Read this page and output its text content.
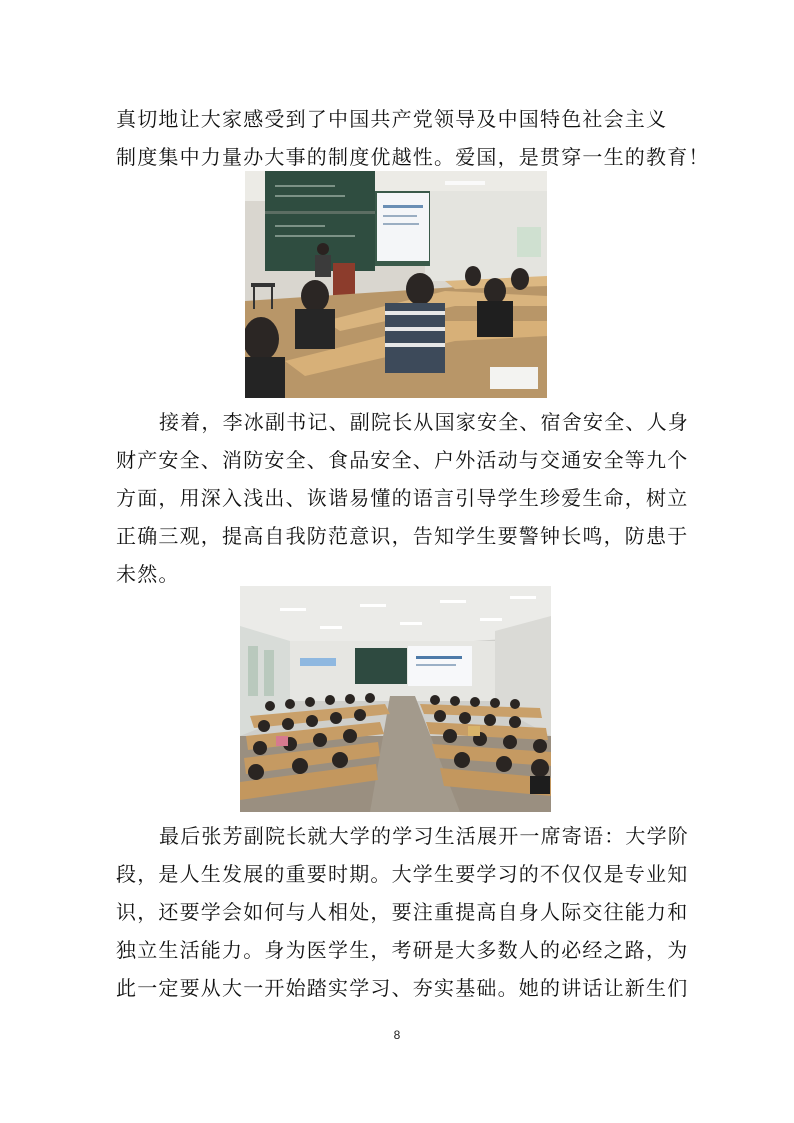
真切地让大家感受到了中国共产党领导及中国特色社会主义
制度集中力量办大事的制度优越性。爱国，是贯穿一生的教育！

接着，李冰副书记、副院长从国家安全、宿舍安全、人身
财产安全、消防安全、食品安全、户外活动与交通安全等九个
方面，用深入浅出、诙谐易懂的语言引导学生珍爱生命，树立
正确三观，提高自我防范意识，告知学生要警钟长鸣，防患于
未然。

最后张芳副院长就大学的学习生活展开一席寄语：大学阶
段，是人生发展的重要时期。大学生要学习的不仅仅是专业知
识，还要学会如何与人相处，要注重提高自身人际交往能力和
独立生活能力。身为医学生，考研是大多数人的必经之路，为
此一定要从大一开始踏实学习、夯实基础。她的讲话让新生们

8
